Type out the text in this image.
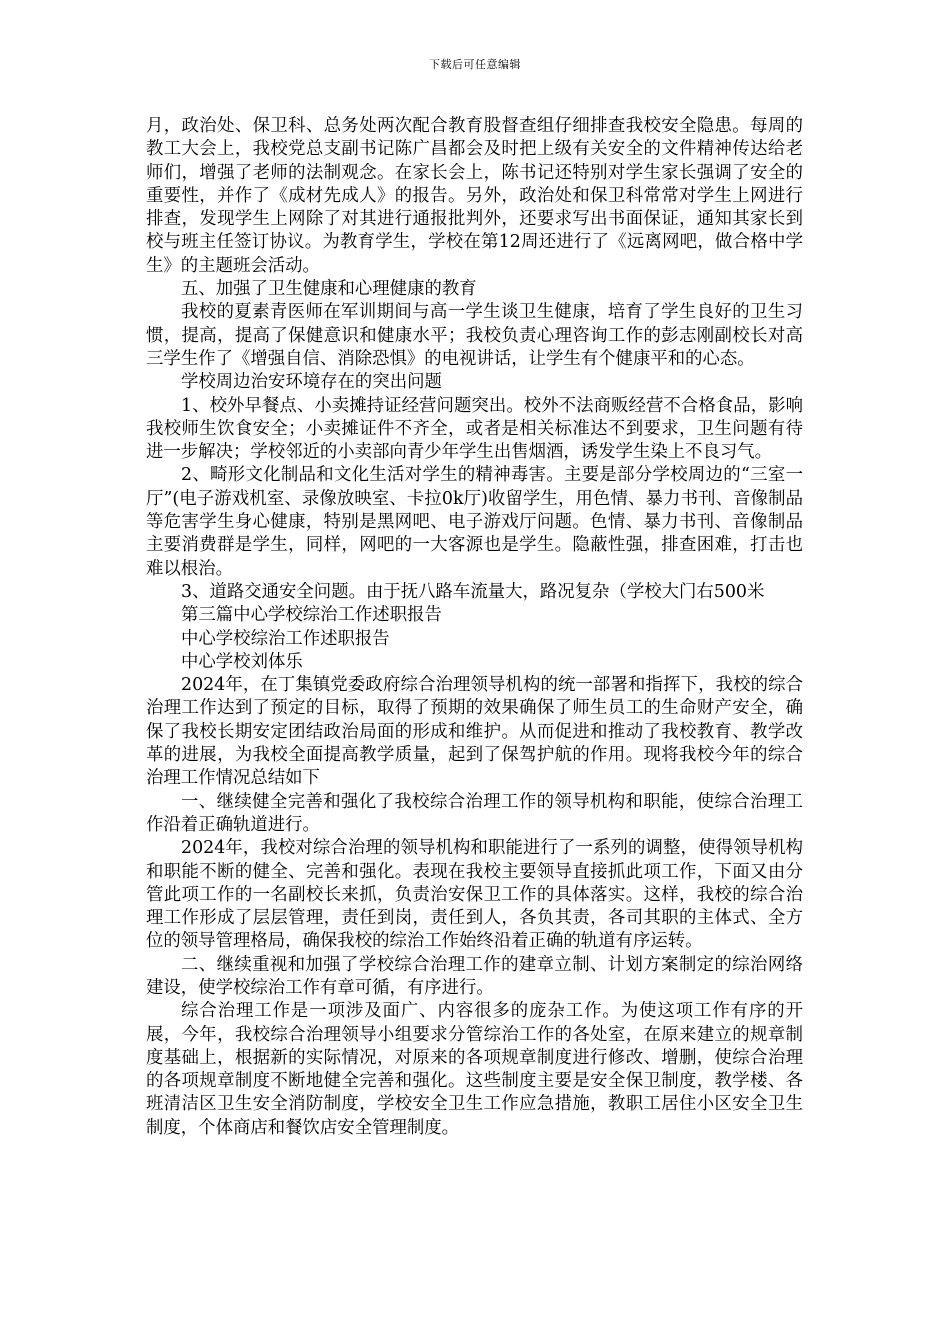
下载后可任意编辑

月，政治处、保卫科、总务处两次配合教育股督查组仔细排查我校安全隐患。每周的教工大会上，我校党总支副书记陈广昌都会及时把上级有关安全的文件精神传达给老师们，增强了老师的法制观念。在家长会上，陈书记还特别对学生家长强调了安全的重要性，并作了《成材先成人》的报告。另外，政治处和保卫科常常对学生上网进行排查，发现学生上网除了对其进行通报批判外，还要求写出书面保证，通知其家长到校与班主任签订协议。为教育学生，学校在第12周还进行了《远离网吧，做合格中学生》的主题班会活动。

五、加强了卫生健康和心理健康的教育

我校的夏素青医师在军训期间与高一学生谈卫生健康，培育了学生良好的卫生习惯，提高，提高了保健意识和健康水平；我校负责心理咨询工作的彭志刚副校长对高三学生作了《增强自信、消除恐惧》的电视讲话，让学生有个健康平和的心态。

学校周边治安环境存在的突出问题

1、校外早餐点、小卖摊持证经营问题突出。校外不法商贩经营不合格食品，影响我校师生饮食安全；小卖摊证件不齐全，或者是相关标准达不到要求，卫生问题有待进一步解决；学校邻近的小卖部向青少年学生出售烟酒，诱发学生染上不良习气。

2、畸形文化制品和文化生活对学生的精神毒害。主要是部分学校周边的“三室一厅”(电子游戏机室、录像放映室、卡拉0k厅)收留学生，用色情、暴力书刊、音像制品等危害学生身心健康，特别是黑网吧、电子游戏厅问题。色情、暴力书刊、音像制品主要消费群是学生，同样，网吧的一大客源也是学生。隐蔽性强，排查困难，打击也难以根治。

3、道路交通安全问题。由于抚八路车流量大，路况复杂（学校大门右500米

第三篇中心学校综治工作述职报告

中心学校综治工作述职报告

中心学校刘体乐

2024年，在丁集镇党委政府综合治理领导机构的统一部署和指挥下，我校的综合治理工作达到了预定的目标，取得了预期的效果确保了师生员工的生命财产安全，确保了我校长期安定团结政治局面的形成和维护。从而促进和推动了我校教育、教学改革的进展，为我校全面提高教学质量，起到了保驾护航的作用。现将我校今年的综合治理工作情况总结如下

一、继续健全完善和强化了我校综合治理工作的领导机构和职能，使综合治理工作沿着正确轨道进行。

2024年，我校对综合治理的领导机构和职能进行了一系列的调整，使得领导机构和职能不断的健全、完善和强化。表现在我校主要领导直接抓此项工作，下面又由分管此项工作的一名副校长来抓，负责治安保卫工作的具体落实。这样，我校的综合治理工作形成了层层管理，责任到岗，责任到人，各负其责，各司其职的主体式、全方位的领导管理格局，确保我校的综治工作始终沿着正确的轨道有序运转。

二、继续重视和加强了学校综合治理工作的建章立制、计划方案制定的综治网络建设，使学校综治工作有章可循，有序进行。

综合治理工作是一项涉及面广、内容很多的庞杂工作。为使这项工作有序的开展，今年，我校综合治理领导小组要求分管综治工作的各处室，在原来建立的规章制度基础上，根据新的实际情况，对原来的各项规章制度进行修改、增删，使综合治理的各项规章制度不断地健全完善和强化。这些制度主要是安全保卫制度，教学楼、各班清洁区卫生安全消防制度，学校安全卫生工作应急措施，教职工居住小区安全卫生制度，个体商店和餐饮店安全管理制度。
